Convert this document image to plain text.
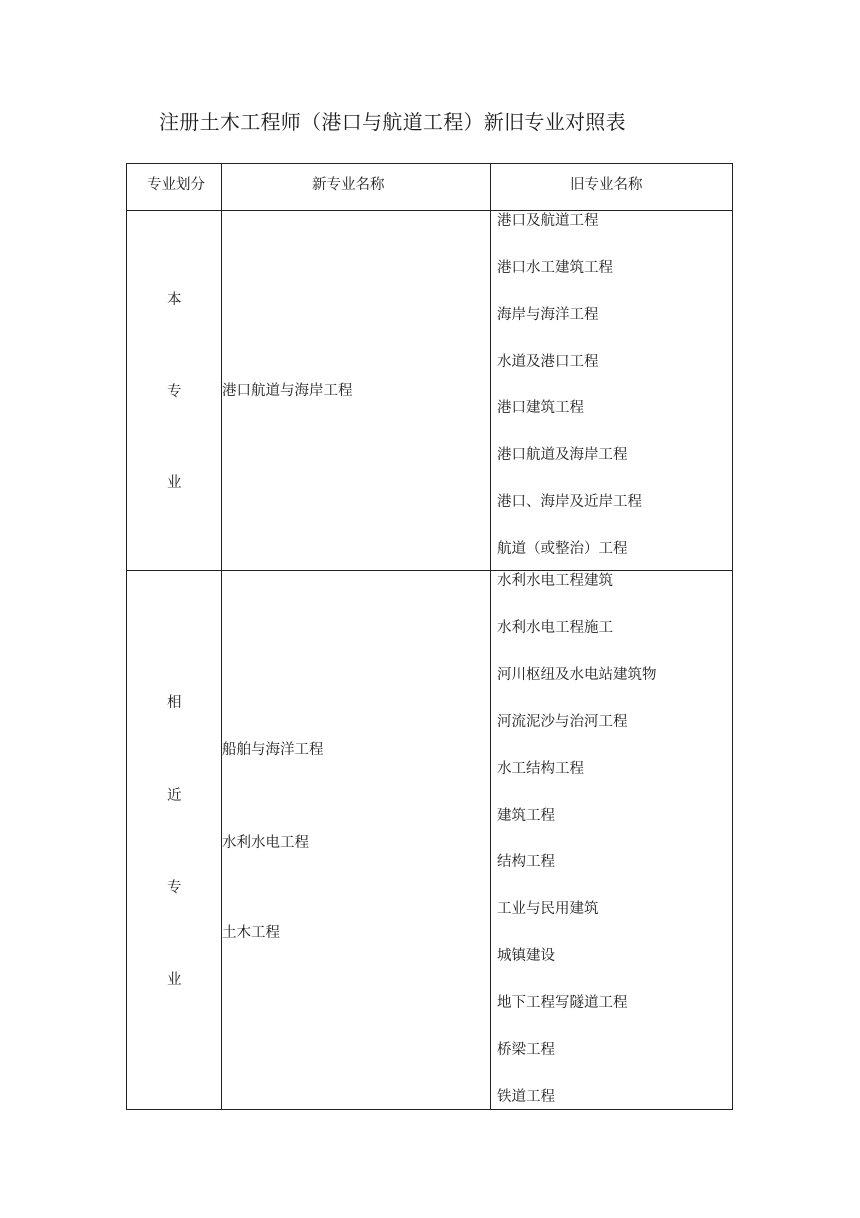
注册土木工程师（港口与航道工程）新旧专业对照表
专业划分	新专业名称	旧专业名称
本
专
业
港口航道与海岸工程
港口及航道工程
港口水工建筑工程
海岸与海洋工程
水道及港口工程
港口建筑工程
港口航道及海岸工程
港口、海岸及近岸工程
航道（或整治）工程
相
近
专
业
船舶与海洋工程
水利水电工程
土木工程
水利水电工程建筑
水利水电工程施工
河川枢纽及水电站建筑物
河流泥沙与治河工程
水工结构工程
建筑工程
结构工程
工业与民用建筑
城镇建设
地下工程写隧道工程
桥梁工程
铁道工程
